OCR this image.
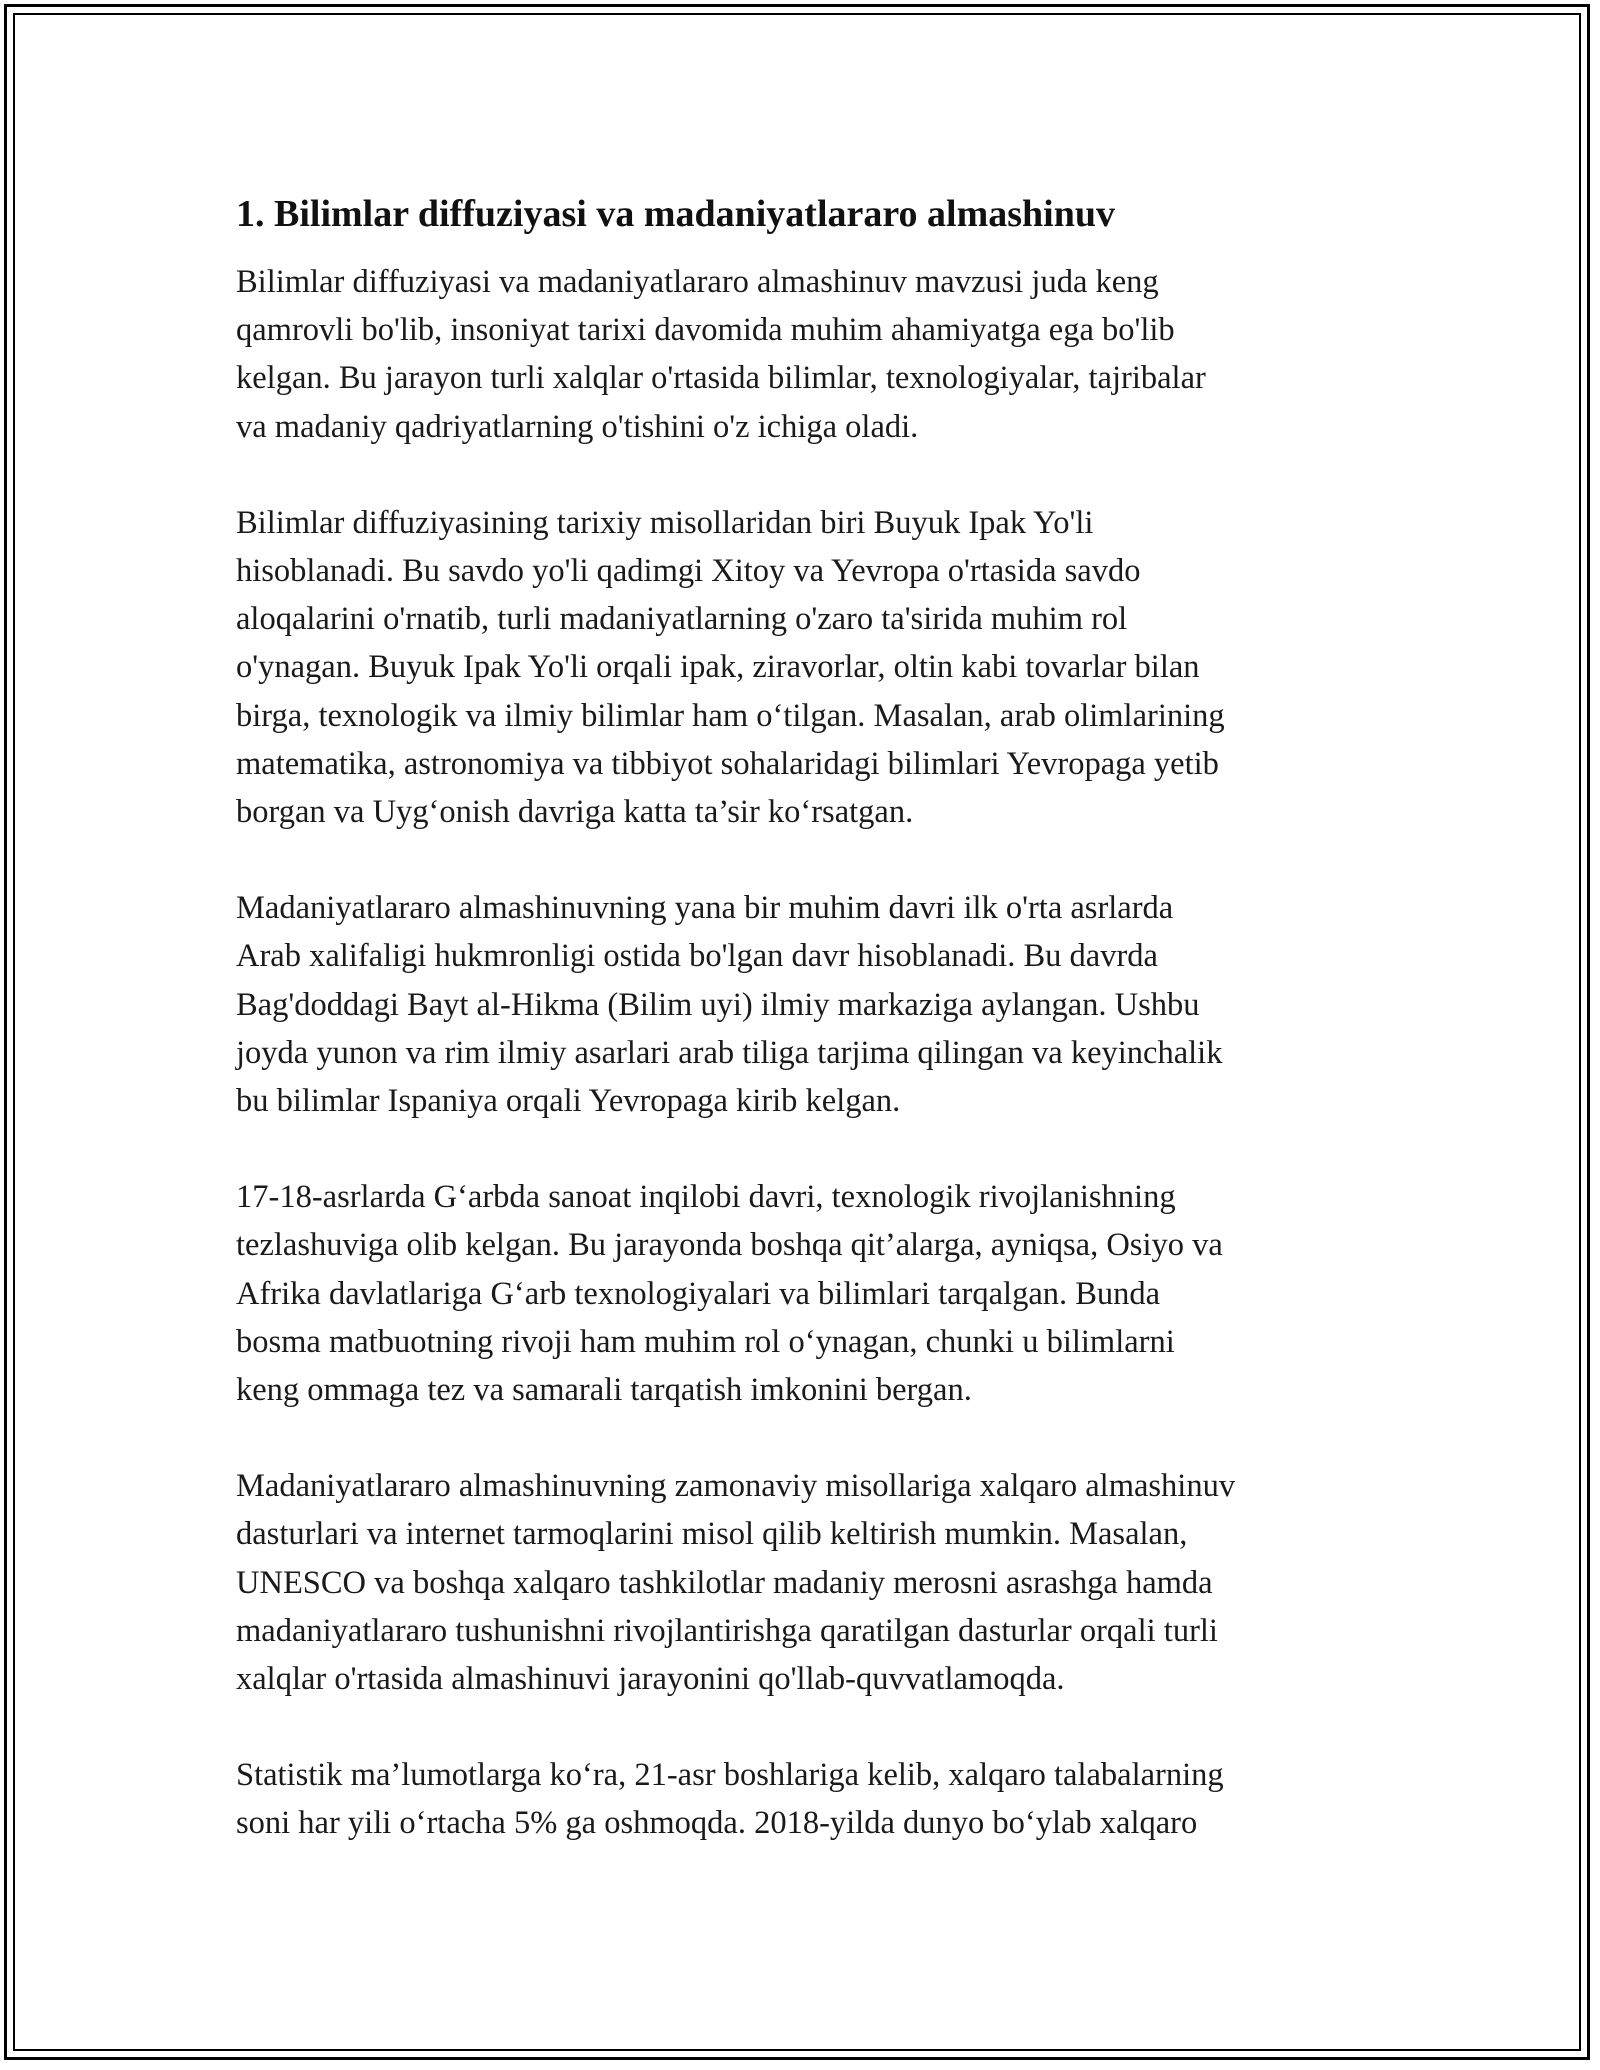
1. Bilimlar diffuziyasi va madaniyatlararo almashinuv

Bilimlar diffuziyasi va madaniyatlararo almashinuv mavzusi juda keng
qamrovli bo'lib, insoniyat tarixi davomida muhim ahamiyatga ega bo'lib
kelgan. Bu jarayon turli xalqlar o'rtasida bilimlar, texnologiyalar, tajribalar
va madaniy qadriyatlarning o'tishini o'z ichiga oladi.

Bilimlar diffuziyasining tarixiy misollaridan biri Buyuk Ipak Yo'li
hisoblanadi. Bu savdo yo'li qadimgi Xitoy va Yevropa o'rtasida savdo
aloqalarini o'rnatib, turli madaniyatlarning o'zaro ta'sirida muhim rol
o'ynagan. Buyuk Ipak Yo'li orqali ipak, ziravorlar, oltin kabi tovarlar bilan
birga, texnologik va ilmiy bilimlar ham o‘tilgan. Masalan, arab olimlarining
matematika, astronomiya va tibbiyot sohalaridagi bilimlari Yevropaga yetib
borgan va Uyg‘onish davriga katta ta’sir ko‘rsatgan.

Madaniyatlararo almashinuvning yana bir muhim davri ilk o'rta asrlarda
Arab xalifaligi hukmronligi ostida bo'lgan davr hisoblanadi. Bu davrda
Bag'doddagi Bayt al-Hikma (Bilim uyi) ilmiy markaziga aylangan. Ushbu
joyda yunon va rim ilmiy asarlari arab tiliga tarjima qilingan va keyinchalik
bu bilimlar Ispaniya orqali Yevropaga kirib kelgan.

17-18-asrlarda G‘arbda sanoat inqilobi davri, texnologik rivojlanishning
tezlashuviga olib kelgan. Bu jarayonda boshqa qit’alarga, ayniqsa, Osiyo va
Afrika davlatlariga G‘arb texnologiyalari va bilimlari tarqalgan. Bunda
bosma matbuotning rivoji ham muhim rol o‘ynagan, chunki u bilimlarni
keng ommaga tez va samarali tarqatish imkonini bergan.

Madaniyatlararo almashinuvning zamonaviy misollariga xalqaro almashinuv
dasturlari va internet tarmoqlarini misol qilib keltirish mumkin. Masalan,
UNESCO va boshqa xalqaro tashkilotlar madaniy merosni asrashga hamda
madaniyatlararo tushunishni rivojlantirishga qaratilgan dasturlar orqali turli
xalqlar o'rtasida almashinuvi jarayonini qo'llab-quvvatlamoqda.

Statistik ma’lumotlarga ko‘ra, 21-asr boshlariga kelib, xalqaro talabalarning
soni har yili o‘rtacha 5% ga oshmoqda. 2018-yilda dunyo bo‘ylab xalqaro
